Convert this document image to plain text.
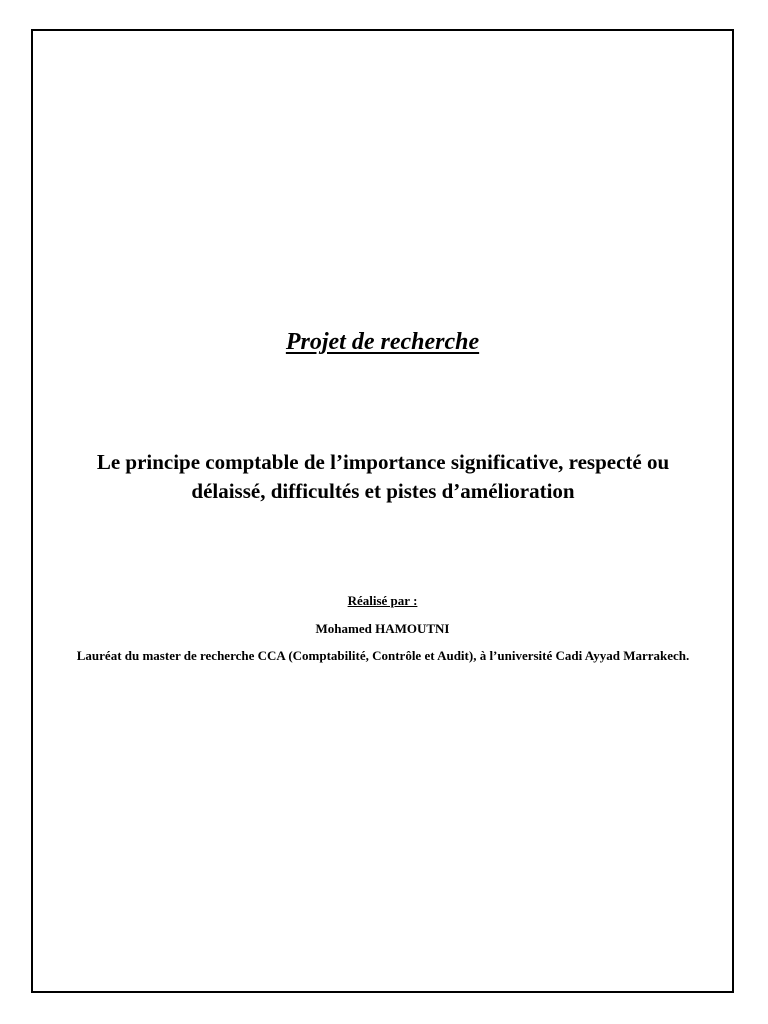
Projet de recherche
Le principe comptable de l’importance significative, respecté ou délaissé, difficultés et pistes d’amélioration
Réalisé par :
Mohamed HAMOUTNI
Lauréat du master de recherche CCA (Comptabilité, Contrôle et Audit), à l’université Cadi Ayyad Marrakech.
